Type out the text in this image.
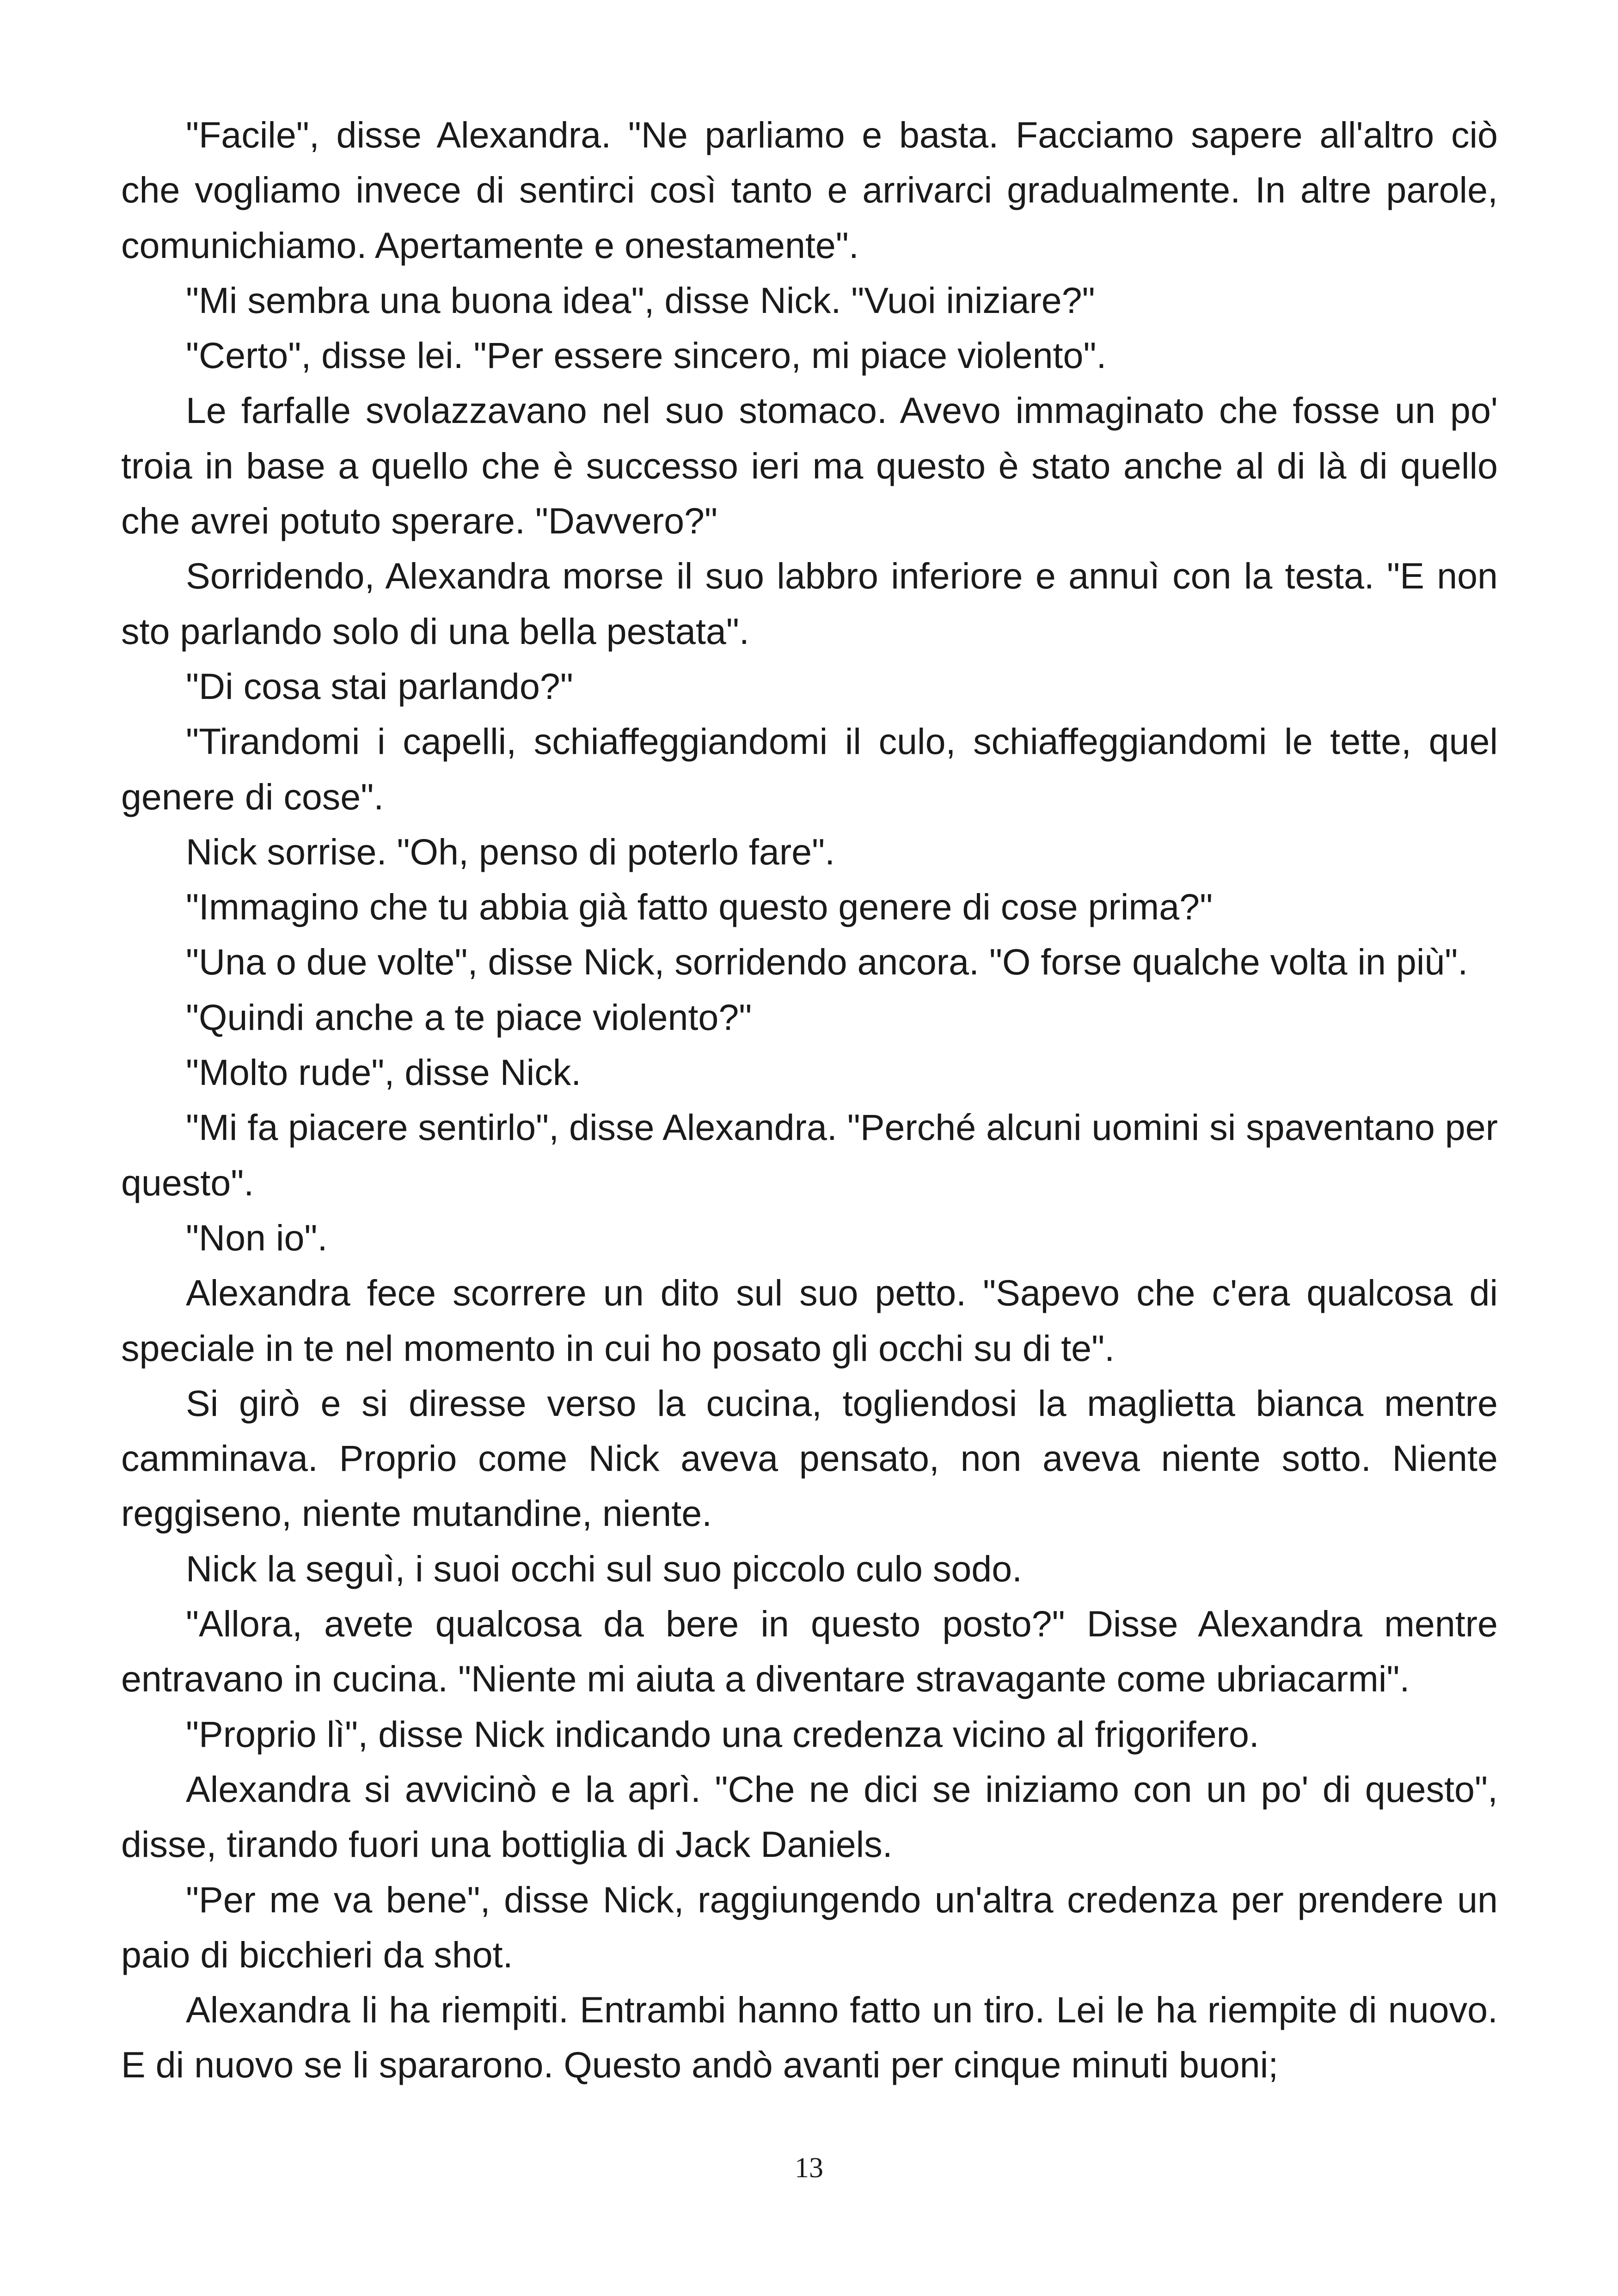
"Facile", disse Alexandra. "Ne parliamo e basta. Facciamo sapere all'altro ciò che vogliamo invece di sentirci così tanto e arrivarci gradualmente. In altre parole, comunichiamo. Apertamente e onestamente".

"Mi sembra una buona idea", disse Nick. "Vuoi iniziare?"

"Certo", disse lei. "Per essere sincero, mi piace violento".

Le farfalle svolazzavano nel suo stomaco. Avevo immaginato che fosse un po' troia in base a quello che è successo ieri ma questo è stato anche al di là di quello che avrei potuto sperare. "Davvero?"

Sorridendo, Alexandra morse il suo labbro inferiore e annuì con la testa. "E non sto parlando solo di una bella pestata".

"Di cosa stai parlando?"

"Tirandomi i capelli, schiaffeggiandomi il culo, schiaffeggiandomi le tette, quel genere di cose".

Nick sorrise. "Oh, penso di poterlo fare".

"Immagino che tu abbia già fatto questo genere di cose prima?"

"Una o due volte", disse Nick, sorridendo ancora. "O forse qualche volta in più".

"Quindi anche a te piace violento?"

"Molto rude", disse Nick.

"Mi fa piacere sentirlo", disse Alexandra. "Perché alcuni uomini si spaventano per questo".

"Non io".

Alexandra fece scorrere un dito sul suo petto. "Sapevo che c'era qualcosa di speciale in te nel momento in cui ho posato gli occhi su di te".

Si girò e si diresse verso la cucina, togliendosi la maglietta bianca mentre camminava. Proprio come Nick aveva pensato, non aveva niente sotto. Niente reggiseno, niente mutandine, niente.

Nick la seguì, i suoi occhi sul suo piccolo culo sodo.

"Allora, avete qualcosa da bere in questo posto?" Disse Alexandra mentre entravano in cucina. "Niente mi aiuta a diventare stravagante come ubriacarmi".

"Proprio lì", disse Nick indicando una credenza vicino al frigorifero.

Alexandra si avvicinò e la aprì. "Che ne dici se iniziamo con un po' di questo", disse, tirando fuori una bottiglia di Jack Daniels.

"Per me va bene", disse Nick, raggiungendo un'altra credenza per prendere un paio di bicchieri da shot.

Alexandra li ha riempiti. Entrambi hanno fatto un tiro. Lei le ha riempite di nuovo. E di nuovo se li spararono. Questo andò avanti per cinque minuti buoni;

13
